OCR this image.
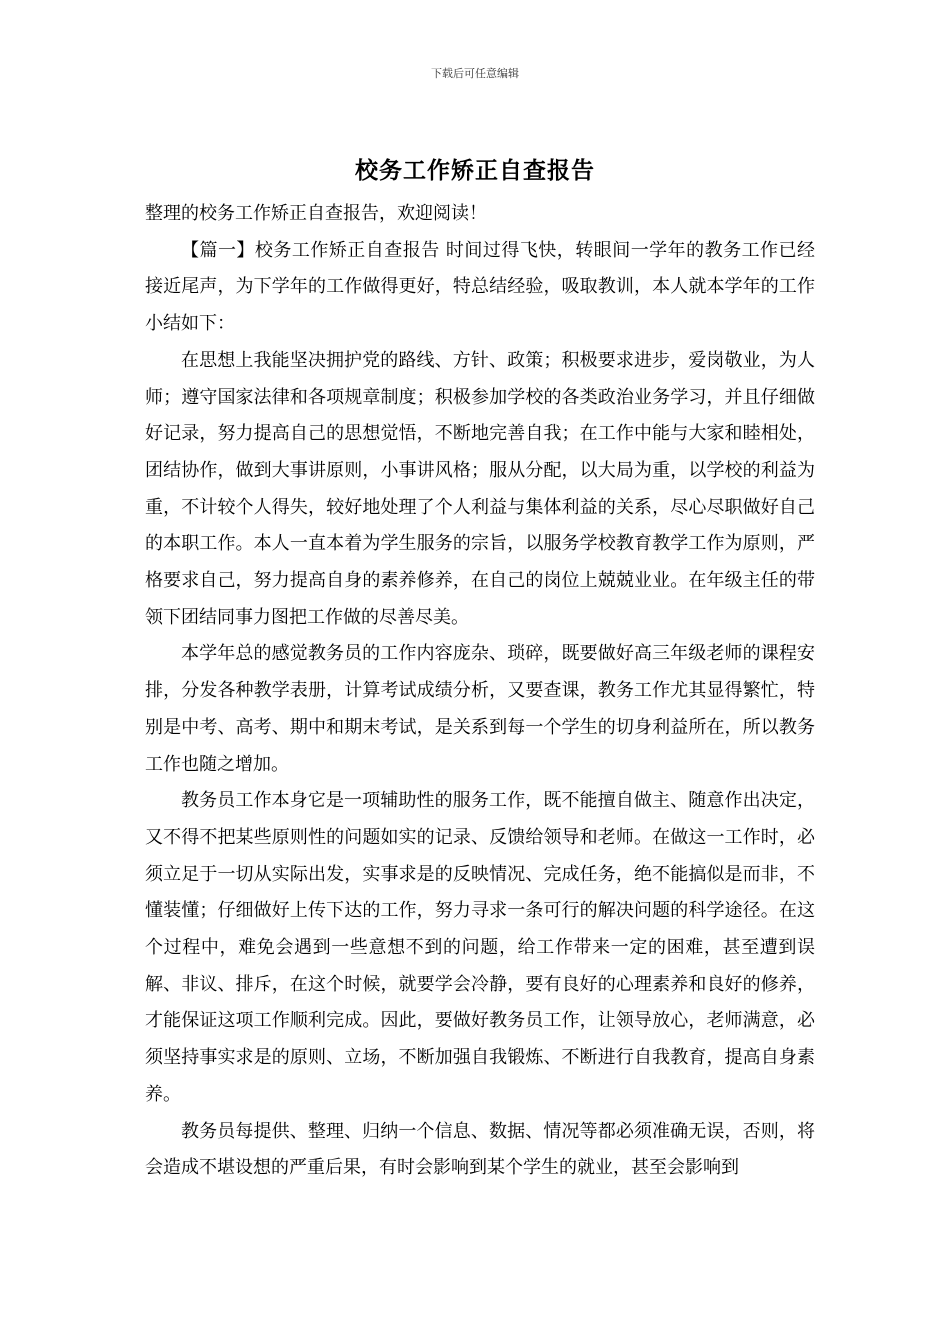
下载后可任意编辑
校务工作矫正自查报告

整理的校务工作矫正自查报告，欢迎阅读！

【篇一】校务工作矫正自查报告 时间过得飞快，转眼间一学年的教务工作已经接近尾声，为下学年的工作做得更好，特总结经验，吸取教训，本人就本学年的工作小结如下：

在思想上我能坚决拥护党的路线、方针、政策；积极要求进步，爱岗敬业，为人师；遵守国家法律和各项规章制度；积极参加学校的各类政治业务学习，并且仔细做好记录，努力提高自己的思想觉悟，不断地完善自我；在工作中能与大家和睦相处，团结协作，做到大事讲原则，小事讲风格；服从分配，以大局为重，以学校的利益为重，不计较个人得失，较好地处理了个人利益与集体利益的关系，尽心尽职做好自己的本职工作。本人一直本着为学生服务的宗旨，以服务学校教育教学工作为原则，严格要求自己，努力提高自身的素养修养，在自己的岗位上兢兢业业。在年级主任的带领下团结同事力图把工作做的尽善尽美。

本学年总的感觉教务员的工作内容庞杂、琐碎，既要做好高三年级老师的课程安排，分发各种教学表册，计算考试成绩分析，又要查课，教务工作尤其显得繁忙，特别是中考、高考、期中和期末考试，是关系到每一个学生的切身利益所在，所以教务工作也随之增加。

教务员工作本身它是一项辅助性的服务工作，既不能擅自做主、随意作出决定，又不得不把某些原则性的问题如实的记录、反馈给领导和老师。在做这一工作时，必须立足于一切从实际出发，实事求是的反映情况、完成任务，绝不能搞似是而非，不懂装懂；仔细做好上传下达的工作，努力寻求一条可行的解决问题的科学途径。在这个过程中，难免会遇到一些意想不到的问题，给工作带来一定的困难，甚至遭到误解、非议、排斥，在这个时候，就要学会冷静，要有良好的心理素养和良好的修养，才能保证这项工作顺利完成。因此，要做好教务员工作，让领导放心，老师满意，必须坚持事实求是的原则、立场，不断加强自我锻炼、不断进行自我教育，提高自身素养。

教务员每提供、整理、归纳一个信息、数据、情况等都必须准确无误，否则，将会造成不堪设想的严重后果，有时会影响到某个学生的就业，甚至会影响到
